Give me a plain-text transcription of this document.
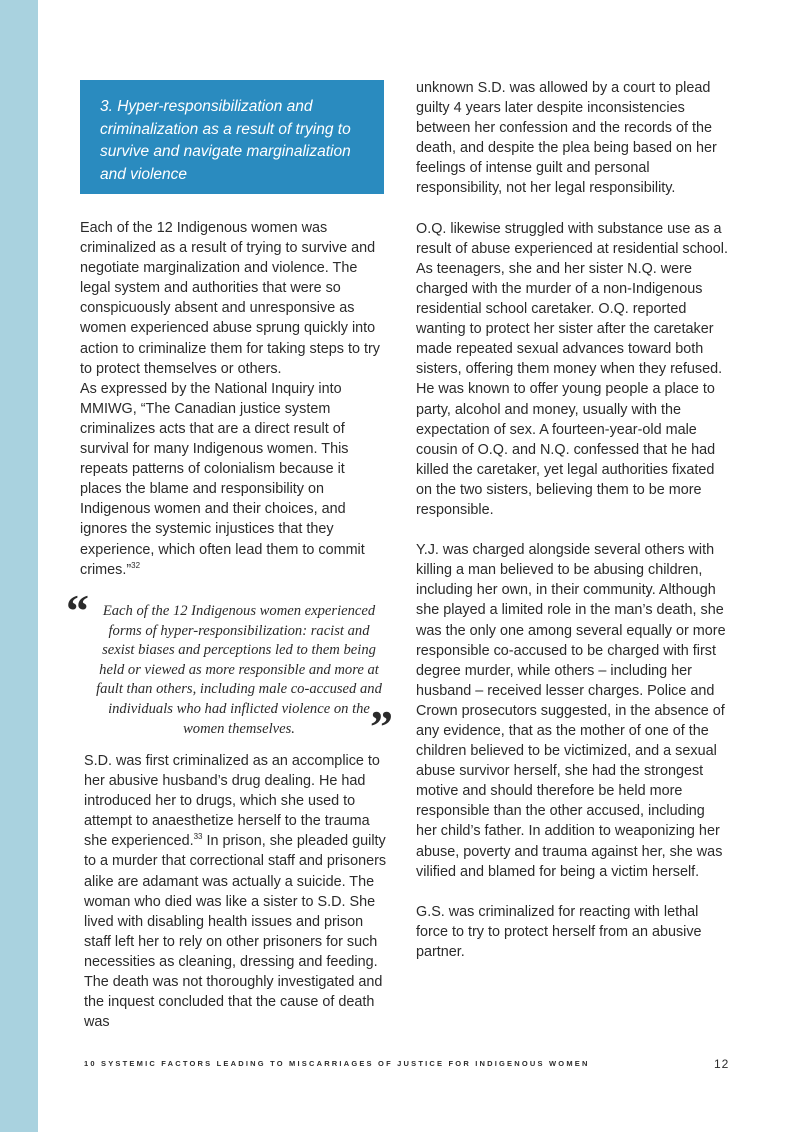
3. Hyper-responsibilization and criminalization as a result of trying to survive and navigate marginalization and violence

Each of the 12 Indigenous women was criminalized as a result of trying to survive and negotiate marginalization and violence. The legal system and authorities that were so conspicuously absent and unresponsive as women experienced abuse sprung quickly into action to criminalize them for taking steps to try to protect themselves or others.

As expressed by the National Inquiry into MMIWG, “The Canadian justice system criminalizes acts that are a direct result of survival for many Indigenous women. This repeats patterns of colonialism because it places the blame and responsibility on Indigenous women and their choices, and ignores the systemic injustices that they experience, which often lead them to commit crimes.”$^{32}$

“ Each of the 12 Indigenous women experienced forms of hyper-responsibilization: racist and sexist biases and perceptions led to them being held or viewed as more responsible and more at fault than others, including male co-accused and individuals who had inflicted violence on the women themselves.	”

S.D. was first criminalized as an accomplice to her abusive husband’s drug dealing. He had introduced her to drugs, which she used to attempt to anaesthetize herself to the trauma she experienced.$^{33}$ In prison, she pleaded guilty to a murder that correctional staff and prisoners alike are adamant was actually a suicide. The woman who died was like a sister to S.D. She lived with disabling health issues and prison staff left her to rely on other prisoners for such necessities as cleaning, dressing and feeding. The death was not thoroughly investigated and the inquest concluded that the cause of death was

unknown S.D. was allowed by a court to plead guilty 4 years later despite inconsistencies between her confession and the records of the death, and despite the plea being based on her feelings of intense guilt and personal responsibility, not her legal responsibility.

O.Q. likewise struggled with substance use as a result of abuse experienced at residential school. As teenagers, she and her sister N.Q. were charged with the murder of a non-Indigenous residential school caretaker. O.Q. reported wanting to protect her sister after the caretaker made repeated sexual advances toward both sisters, offering them money when they refused. He was known to offer young people a place to party, alcohol and money, usually with the expectation of sex. A fourteen-year-old male cousin of O.Q. and N.Q. confessed that he had killed the caretaker, yet legal authorities fixated on the two sisters, believing them to be more responsible.

Y.J. was charged alongside several others with killing a man believed to be abusing children, including her own, in their community. Although she played a limited role in the man’s death, she was the only one among several equally or more responsible co-accused to be charged with first degree murder, while others – including her husband – received lesser charges. Police and Crown prosecutors suggested, in the absence of any evidence, that as the mother of one of the children believed to be victimized, and a sexual abuse survivor herself, she had the strongest motive and should therefore be held more responsible than the other accused, including her child’s father. In addition to weaponizing her abuse, poverty and trauma against her, she was vilified and blamed for being a victim herself.

G.S. was criminalized for reacting with lethal force to try to protect herself from an abusive partner.

10 SYSTEMIC FACTORS LEADING TO MISCARRIAGES OF JUSTICE FOR INDIGENOUS WOMEN	12
